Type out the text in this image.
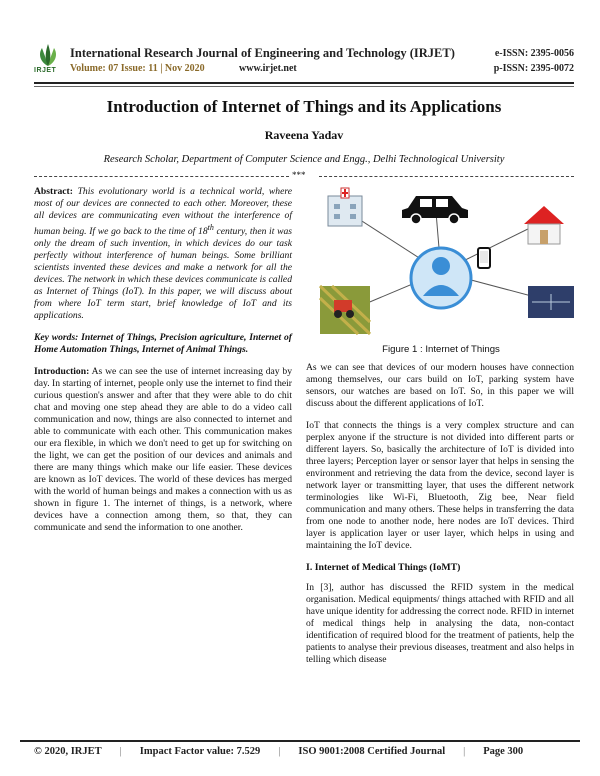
IRJET
International Research Journal of Engineering and Technology (IRJET)
Volume: 07 Issue: 11 | Nov 2020	www.irjet.net
e-ISSN: 2395-0056
p-ISSN: 2395-0072
Introduction of Internet of Things and its Applications
Raveena Yadav
Research Scholar, Department of Computer Science and Engg., Delhi Technological University
***

Abstract: This evolutionary world is a technical world, where most of our devices are connected to each other. Moreover, these all devices are communicating even without the interference of human being. If we go back to the time of 18th century, then it was only the dream of such invention, in which devices do our task perfectly without interference of human beings. Some brilliant scientists invented these devices and make a network for all the devices. The network in which these devices communicate is called as Internet of Things (IoT). In this paper, we will discuss about from where IoT term start, brief knowledge of IoT and its applications.

Key words: Internet of Things, Precision agriculture, Internet of Home Automation Things, Internet of Animal Things.

Introduction: As we can see the use of internet increasing day by day. In starting of internet, people only use the internet to find their curious question's answer and after that they were able to do chit chat and moving one step ahead they are able to do a video call communication and now, things are also connected to internet and able to communicate with each other. This communication makes our era flexible, in which we don't need to get up for switching on the light, we can get the position of our devices and animals and there are many things which make our life easier. These devices are known as IoT devices. The world of these devices has merged with the world of human beings and makes a connection with us as shown in figure 1. The internet of things, is a network, where devices have a connection among them, so that, they can communicate and send the information to one another.

Figure 1 : Internet of Things

As we can see that devices of our modern houses have connection among themselves, our cars build on IoT, parking system have sensors, our watches are based on IoT. So, in this paper we will discuss about the different applications of IoT.

IoT that connects the things is a very complex structure and can perplex anyone if the structure is not divided into different parts or different layers. So, basically the architecture of IoT is divided into three layers; Perception layer or sensor layer that helps in sensing the environment and retrieving the data from the device, second layer is network layer or transmitting layer, that uses the different network terminologies like Wi-Fi, Bluetooth, Zig bee, Near field communication and many others. These helps in transferring the data from one node to another node, here nodes are IoT devices. Third layer is application layer or user layer, which helps in using and maintaining the IoT device.

I. Internet of Medical Things (IoMT)

In [3], author has discussed the RFID system in the medical organisation. Medical equipments/ things attached with RFID and all have unique identity for addressing the correct node. RFID in internet of medical things help in analysing the data, non-contact identification of required blood for the treatment of patients, help the patients to analyse their previous diseases, treatment and also helps in telling which disease

© 2020, IRJET | Impact Factor value: 7.529 | ISO 9001:2008 Certified Journal | Page 300
